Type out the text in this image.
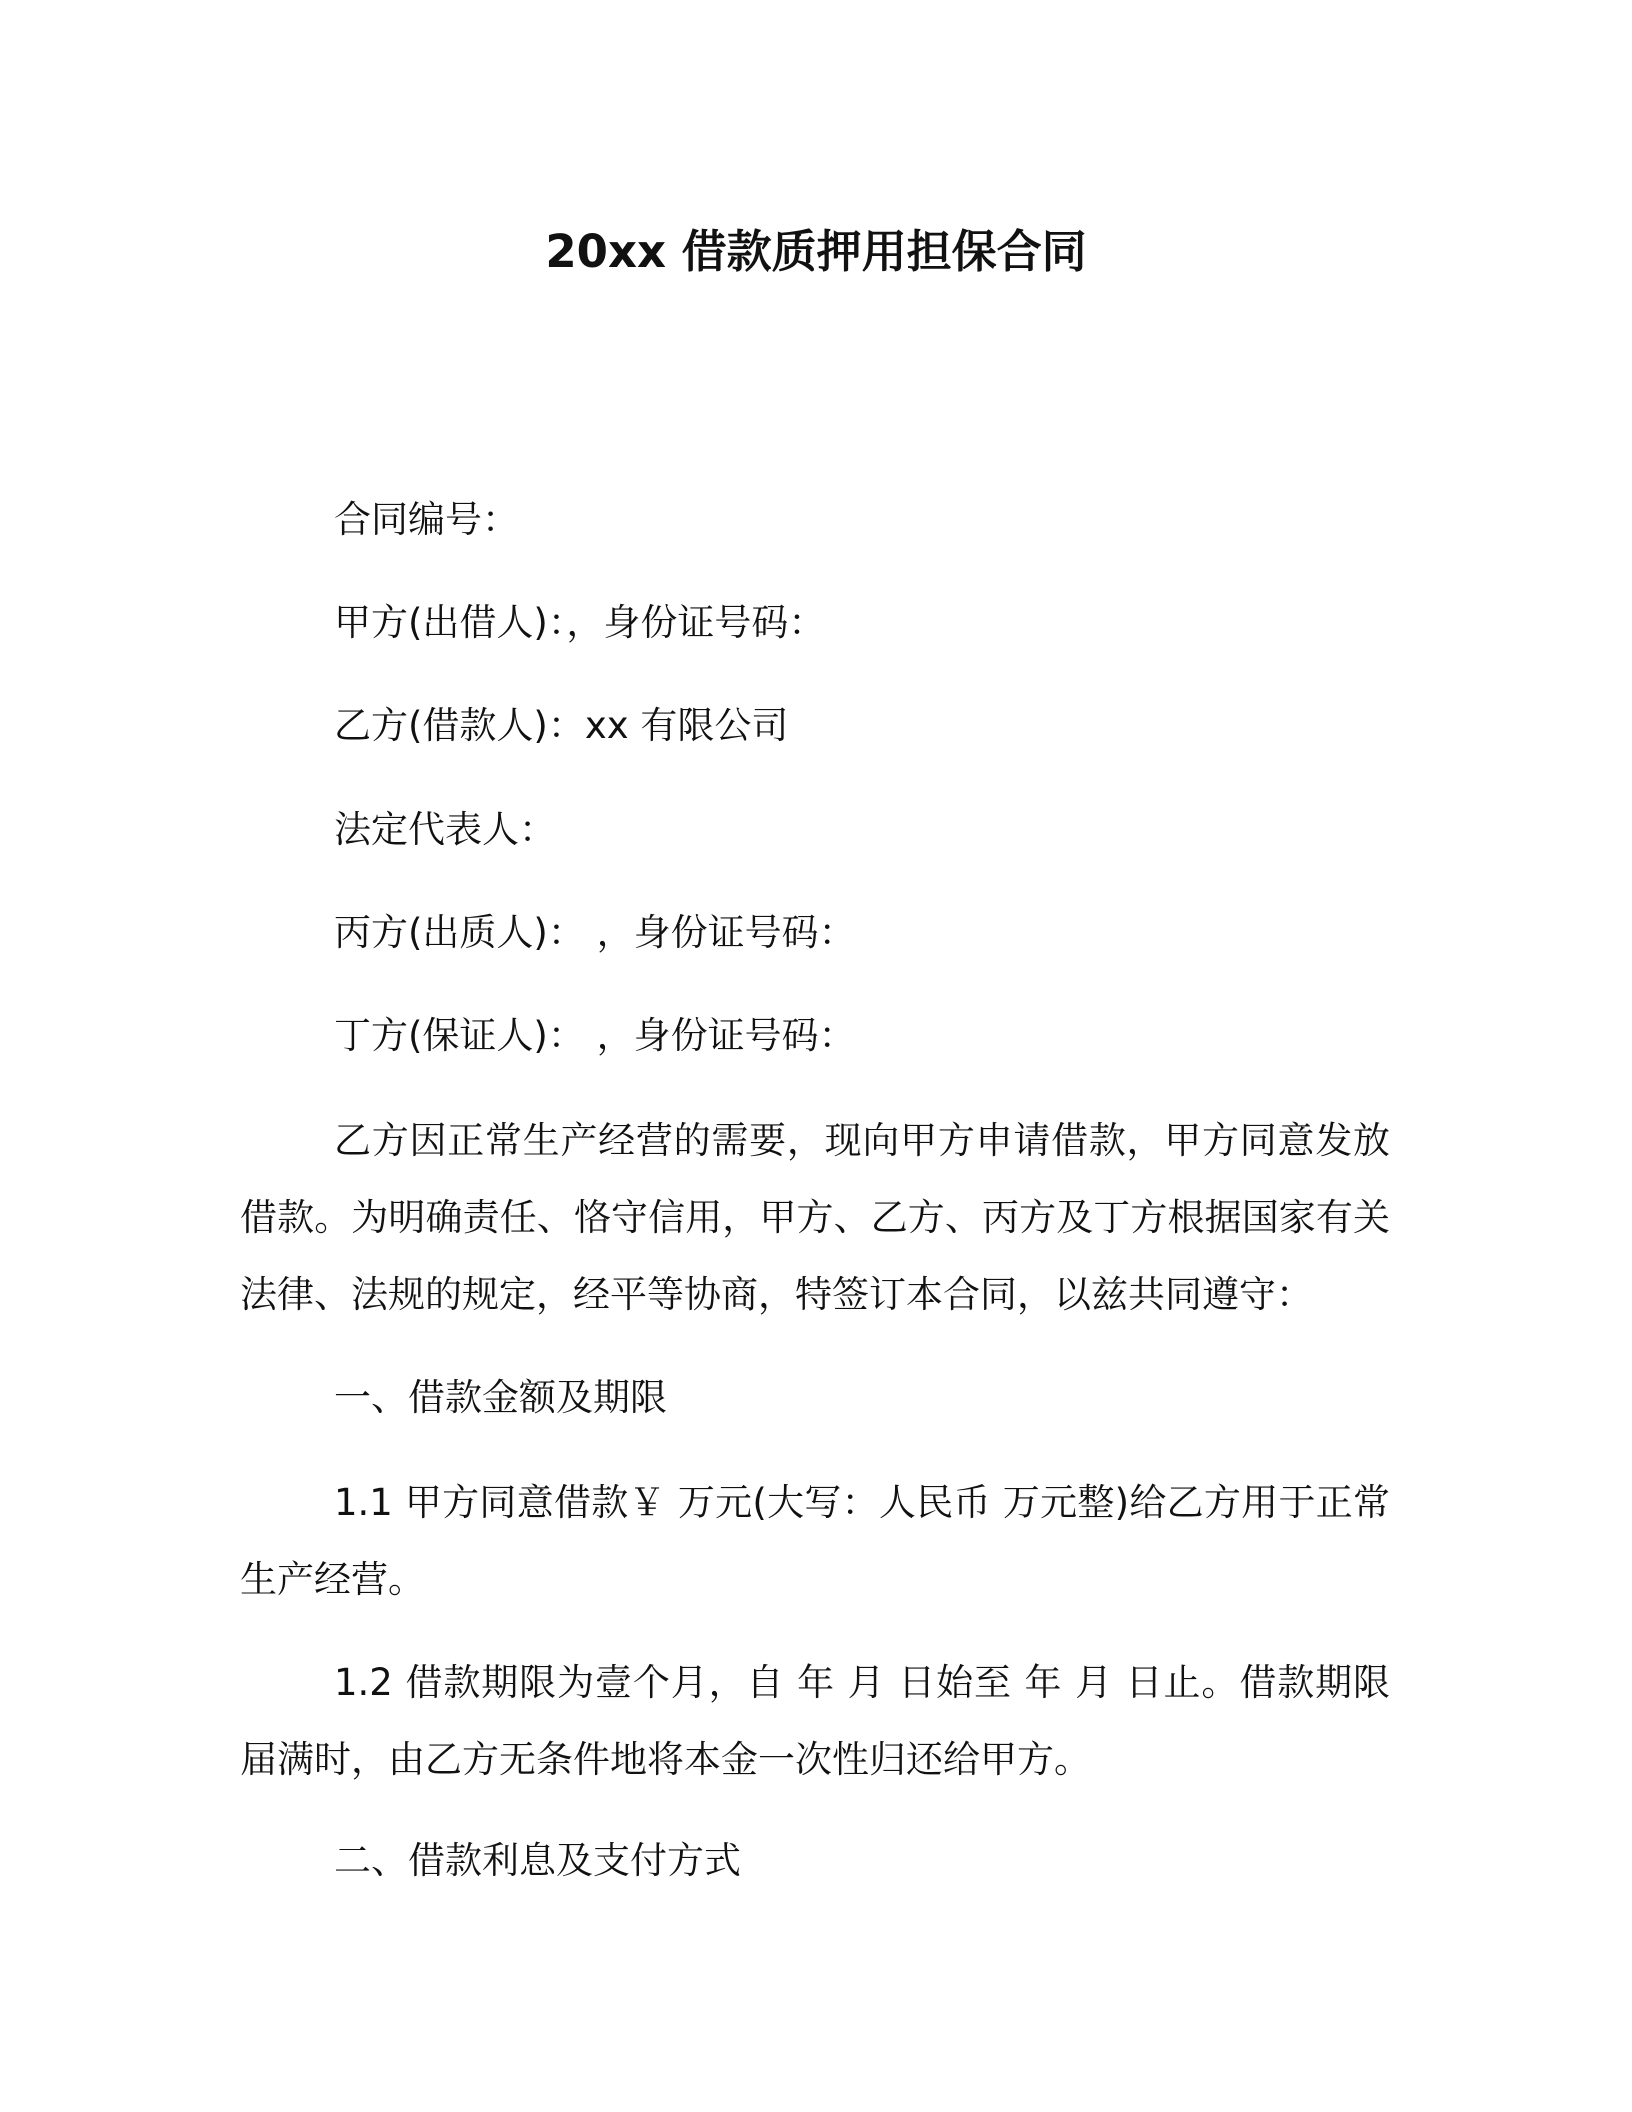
20xx 借款质押用担保合同
合同编号：
甲方(出借人)：，身份证号码：
乙方(借款人)：xx 有限公司
法定代表人：
丙方(出质人)： ，身份证号码：
丁方(保证人)： ，身份证号码：
乙方因正常生产经营的需要，现向甲方申请借款，甲方同意发放借款。为明确责任、恪守信用，甲方、乙方、丙方及丁方根据国家有关法律、法规的规定，经平等协商，特签订本合同，以兹共同遵守：
一、借款金额及期限
1.1 甲方同意借款￥ 万元(大写：人民币 万元整)给乙方用于正常生产经营。
1.2 借款期限为壹个月，自 年 月 日始至 年 月 日止。借款期限届满时，由乙方无条件地将本金一次性归还给甲方。
二、借款利息及支付方式
